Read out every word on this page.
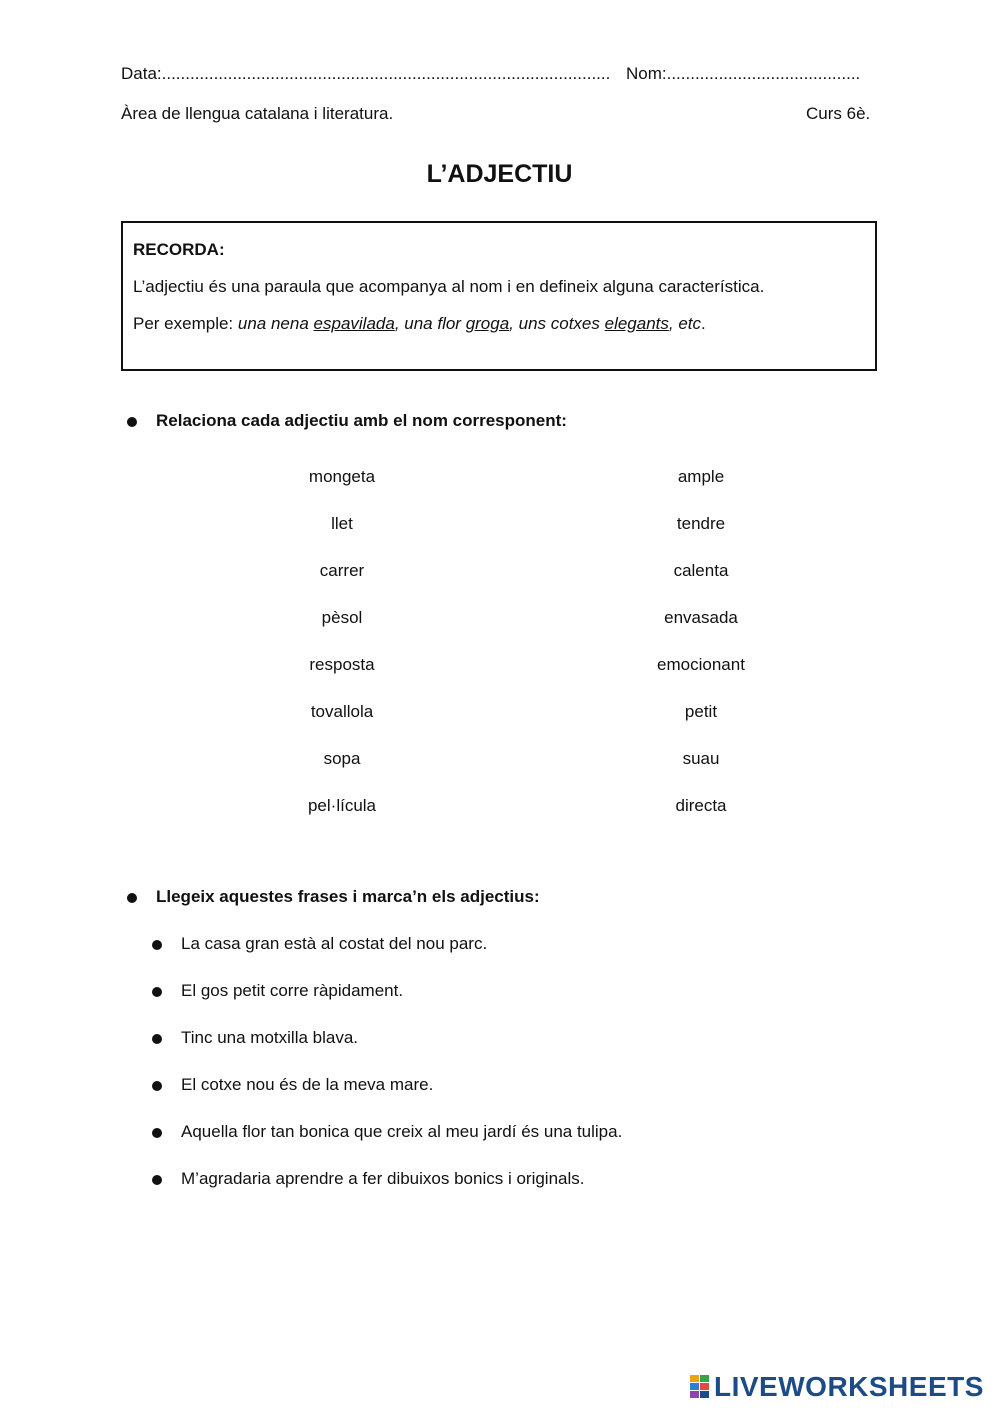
Data:............................................................................................... Nom:.........................................
Àrea de llengua catalana i literatura.	Curs 6è.
L’ADJECTIU
RECORDA:
L’adjectiu és una paraula que acompanya al nom i en defineix alguna característica.
Per exemple: una nena espavilada, una flor groga, uns cotxes elegants, etc.
Relaciona cada adjectiu amb el nom corresponent:
mongeta
llet
carrer
pèsol
resposta
tovallola
sopa
pel·lícula
ample
tendre
calenta
envasada
emocionant
petit
suau
directa
Llegeix aquestes frases i marca’n els adjectius:
La casa gran està al costat del nou parc.
El gos petit corre ràpidament.
Tinc una motxilla blava.
El cotxe nou és de la meva mare.
Aquella flor tan bonica que creix al meu jardí és una tulipa.
M’agradaria aprendre a fer dibuixos bonics i originals.
LIVEWORKSHEETS
